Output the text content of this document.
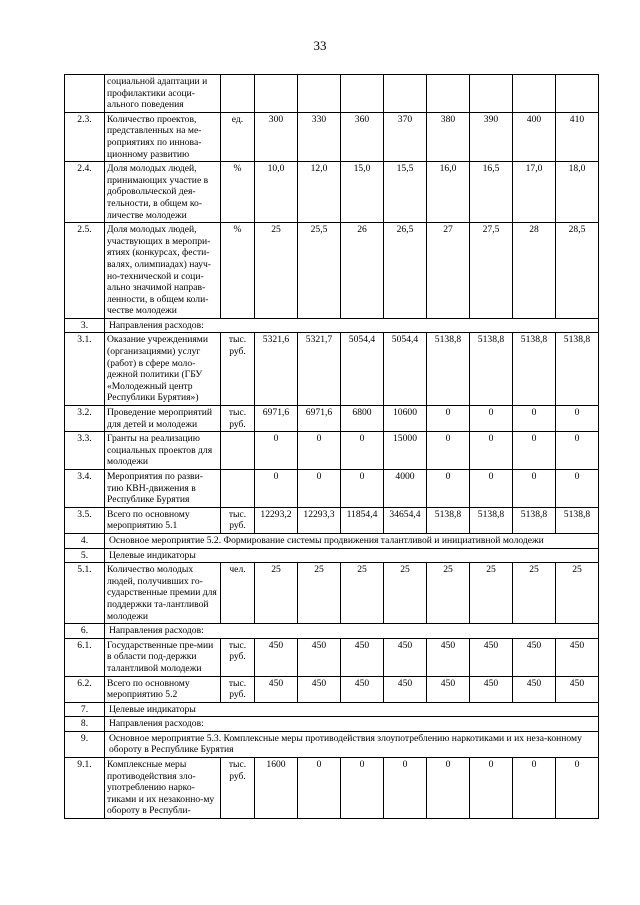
33
	социальной адаптации и профилактики асоци-ального поведения									
2.3.	Количество проектов, представленных на ме-роприятиях по иннова-ционному развитию	ед.	300	330	360	370	380	390	400	410
2.4.	Доля молодых людей, принимающих участие в добровольческой дея-тельности, в общем ко-личестве молодежи	%	10,0	12,0	15,0	15,5	16,0	16,5	17,0	18,0
2.5.	Доля молодых людей, участвующих в меропри-ятиях (конкурсах, фести-валях, олимпиадах) науч-но-технической и соци-ально значимой направ-ленности, в общем коли-честве молодежи	%	25	25,5	26	26,5	27	27,5	28	28,5
3.	Направления расходов:									
3.1.	Оказание учреждениями (организациями) услуг (работ) в сфере моло-дежной политики (ГБУ «Молодежный центр Республики Бурятия»)	тыс. руб.	5321,6	5321,7	5054,4	5054,4	5138,8	5138,8	5138,8	5138,8
3.2.	Проведение мероприятий для детей и молодежи	тыс. руб.	6971,6	6971,6	6800	10600	0	0	0	0
3.3.	Гранты на реализацию социальных проектов для молодежи		0	0	0	15000	0	0	0	0
3.4.	Мероприятия по разви-тию КВН-движения в Республике Бурятия		0	0	0	4000	0	0	0	0
3.5.	Всего по основному мероприятию 5.1	тыс. руб.	12293,2	12293,3	11854,4	34654,4	5138,8	5138,8	5138,8	5138,8
4.	Основное мероприятие 5.2. Формирование системы продвижения талантливой и инициативной молодежи									
5.	Целевые индикаторы									
5.1.	Количество молодых людей, получивших го-сударственные премии для поддержки та-лантливой молодежи	чел.	25	25	25	25	25	25	25	25
6.	Направления расходов:									
6.1.	Государственные пре-мии в области под-держки талантливой молодежи	тыс. руб.	450	450	450	450	450	450	450	450
6.2.	Всего по основному мероприятию 5.2	тыс. руб.	450	450	450	450	450	450	450	450
7.	Целевые индикаторы									
8.	Направления расходов:									
9.	Основное мероприятие 5.3. Комплексные меры противодействия злоупотреблению наркотиками и их неза-конному обороту в Республике Бурятия									
9.1.	Комплексные меры противодействия зло-употреблению нарко-тиками и их незаконно-му обороту в Республи-	тыс. руб.	1600	0	0	0	0	0	0	0
